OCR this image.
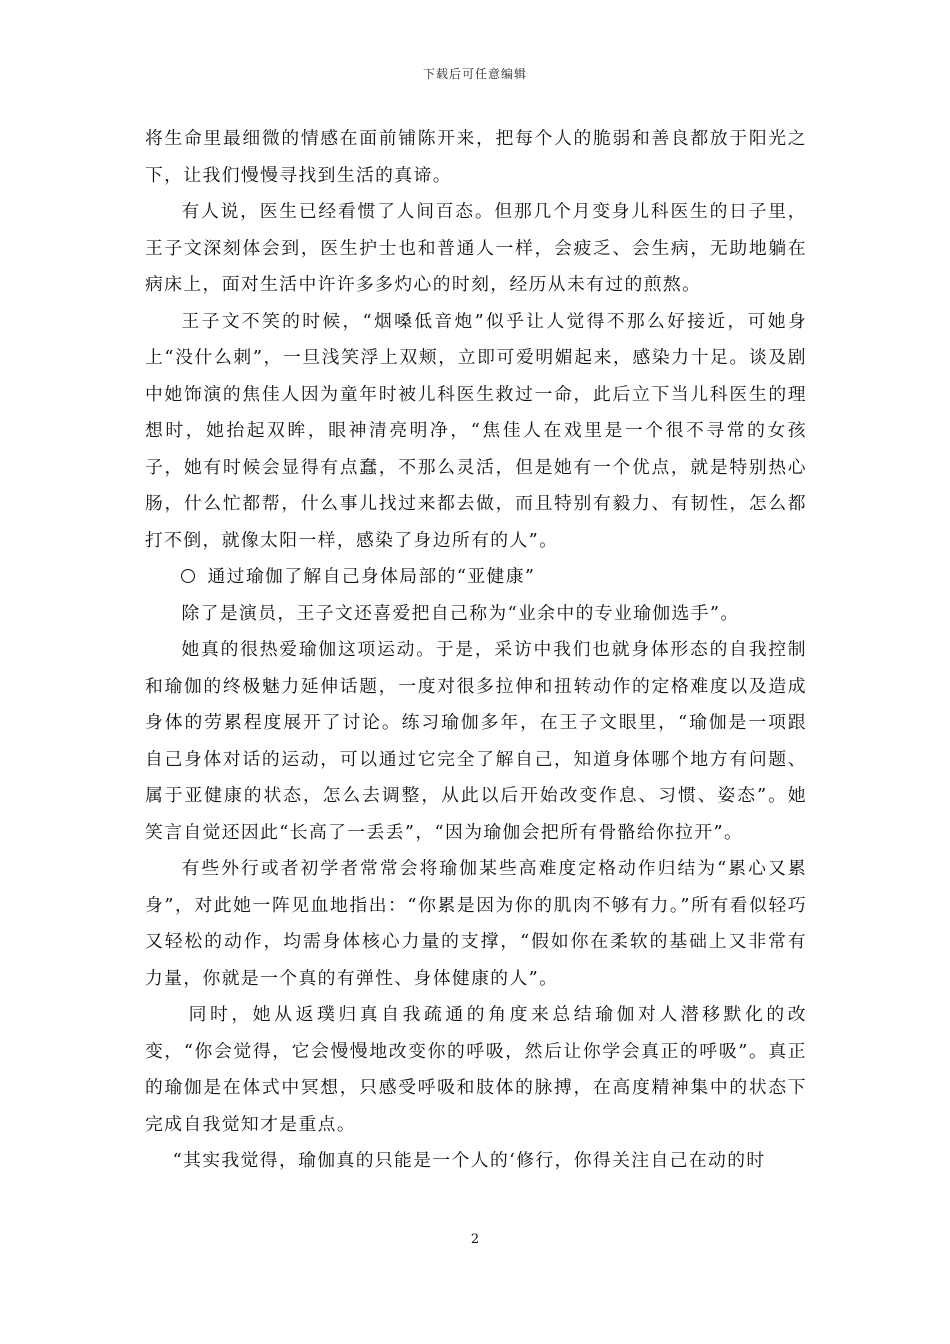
下载后可任意编辑

将生命里最细微的情感在面前铺陈开来，把每个人的脆弱和善良都放于阳光之下，让我们慢慢寻找到生活的真谛。

有人说，医生已经看惯了人间百态。但那几个月变身儿科医生的日子里，王子文深刻体会到，医生护士也和普通人一样，会疲乏、会生病，无助地躺在病床上，面对生活中许许多多灼心的时刻，经历从未有过的煎熬。

王子文不笑的时候，“烟嗓低音炮”似乎让人觉得不那么好接近，可她身上“没什么刺”，一旦浅笑浮上双颊，立即可爱明媚起来，感染力十足。谈及剧中她饰演的焦佳人因为童年时被儿科医生救过一命，此后立下当儿科医生的理想时，她抬起双眸，眼神清亮明净，“焦佳人在戏里是一个很不寻常的女孩子，她有时候会显得有点蠢，不那么灵活，但是她有一个优点，就是特别热心肠，什么忙都帮，什么事儿找过来都去做，而且特别有毅力、有韧性，怎么都打不倒，就像太阳一样，感染了身边所有的人”。

通过瑜伽了解自己身体局部的“亚健康”

除了是演员，王子文还喜爱把自己称为“业余中的专业瑜伽选手”。

她真的很热爱瑜伽这项运动。于是，采访中我们也就身体形态的自我控制和瑜伽的终极魅力延伸话题，一度对很多拉伸和扭转动作的定格难度以及造成身体的劳累程度展开了讨论。练习瑜伽多年，在王子文眼里，“瑜伽是一项跟自己身体对话的运动，可以通过它完全了解自己，知道身体哪个地方有问题、属于亚健康的状态，怎么去调整，从此以后开始改变作息、习惯、姿态”。她笑言自觉还因此“长高了一丢丢”，“因为瑜伽会把所有骨骼给你拉开”。

有些外行或者初学者常常会将瑜伽某些高难度定格动作归结为“累心又累身”，对此她一阵见血地指出：“你累是因为你的肌肉不够有力。”所有看似轻巧又轻松的动作，均需身体核心力量的支撑，“假如你在柔软的基础上又非常有力量，你就是一个真的有弹性、身体健康的人”。

同时，她从返璞归真自我疏通的角度来总结瑜伽对人潜移默化的改变，“你会觉得，它会慢慢地改变你的呼吸，然后让你学会真正的呼吸”。真正的瑜伽是在体式中冥想，只感受呼吸和肢体的脉搏，在高度精神集中的状态下完成自我觉知才是重点。

“其实我觉得，瑜伽真的只能是一个人的‘修行，你得关注自己在动的时

2
